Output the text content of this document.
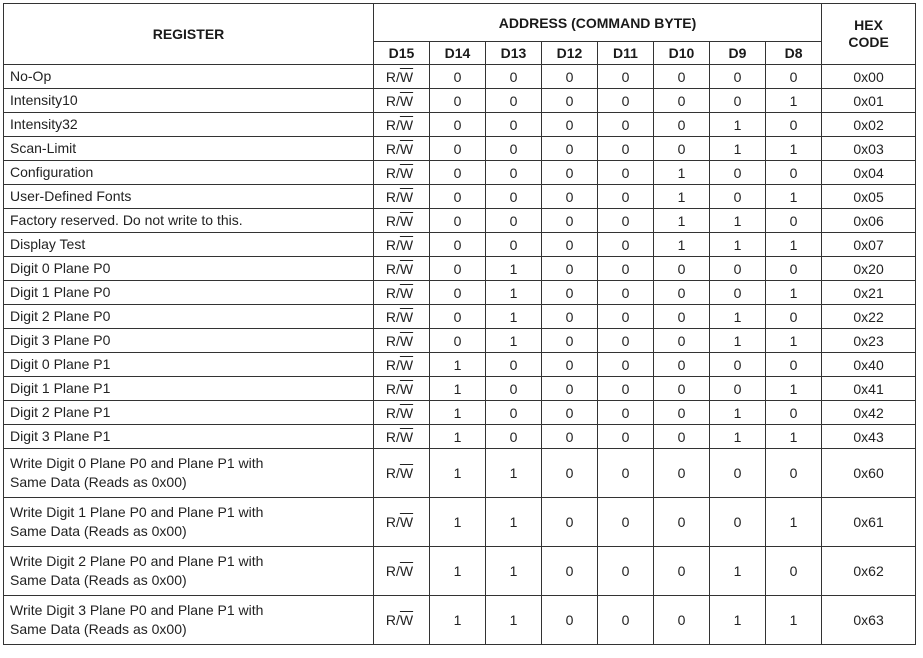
REGISTER	ADDRESS (COMMAND BYTE)								HEX
CODE

	D15	D14	D13	D12	D11	D10	D9	D8	

No-Op	$R/\overline{W}$	0	0	0	0	0	0	0	0x00

Intensity10	$R/\overline{W}$	0	0	0	0	0	0	1	0x01

Intensity32	$R/\overline{W}$	0	0	0	0	0	1	0	0x02

Scan-Limit	$R/\overline{W}$	0	0	0	0	0	1	1	0x03

Configuration	$R/\overline{W}$	0	0	0	0	1	0	0	0x04

User-Defined Fonts	$R/\overline{W}$	0	0	0	0	1	0	1	0x05

Factory reserved. Do not write to this.	$R/\overline{W}$	0	0	0	0	1	1	0	0x06

Display Test	$R/\overline{W}$	0	0	0	0	1	1	1	0x07

Digit 0 Plane P0	$R/\overline{W}$	0	1	0	0	0	0	0	0x20

Digit 1 Plane P0	$R/\overline{W}$	0	1	0	0	0	0	1	0x21

Digit 2 Plane P0	$R/\overline{W}$	0	1	0	0	0	1	0	0x22

Digit 3 Plane P0	$R/\overline{W}$	0	1	0	0	0	1	1	0x23

Digit 0 Plane P1	$R/\overline{W}$	1	0	0	0	0	0	0	0x40

Digit 1 Plane P1	$R/\overline{W}$	1	0	0	0	0	0	1	0x41

Digit 2 Plane P1	$R/\overline{W}$	1	0	0	0	0	1	0	0x42

Digit 3 Plane P1	$R/\overline{W}$	1	0	0	0	0	1	1	0x43

Write Digit 0 Plane P0 and Plane P1 with
Same Data (Reads as 0x00)	$R/\overline{W}$	1	1	0	0	0	0	0	0x60

Write Digit 1 Plane P0 and Plane P1 with
Same Data (Reads as 0x00)	$R/\overline{W}$	1	1	0	0	0	0	1	0x61

Write Digit 2 Plane P0 and Plane P1 with
Same Data (Reads as 0x00)	$R/\overline{W}$	1	1	0	0	0	1	0	0x62

Write Digit 3 Plane P0 and Plane P1 with
Same Data (Reads as 0x00)	$R/\overline{W}$	1	1	0	0	0	1	1	0x63
